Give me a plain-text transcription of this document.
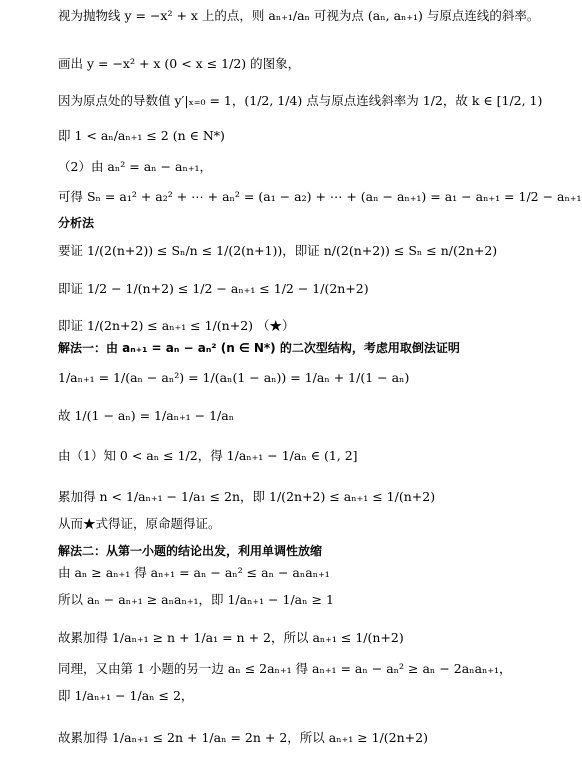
视为抛物线 y = −x² + x 上的点，则 aₙ₊₁/aₙ 可视为点 (aₙ, aₙ₊₁) 与原点连线的斜率。
画出 y = −x² + x (0 < x ≤ 1/2) 的图象，
因为原点处的导数值 y′|ₓ₌₀ = 1，(1/2, 1/4) 点与原点连线斜率为 1/2，故 k ∈ [1/2, 1)
即 1 < aₙ/aₙ₊₁ ≤ 2 (n ∈ N*)
（2）由 aₙ² = aₙ − aₙ₊₁，
可得 Sₙ = a₁² + a₂² + ⋯ + aₙ² = (a₁ − a₂) + ⋯ + (aₙ − aₙ₊₁) = a₁ − aₙ₊₁ = 1/2 − aₙ₊₁
分析法
要证 1/(2(n+2)) ≤ Sₙ/n ≤ 1/(2(n+1))，即证 n/(2(n+2)) ≤ Sₙ ≤ n/(2n+2)
即证 1/2 − 1/(n+2) ≤ 1/2 − aₙ₊₁ ≤ 1/2 − 1/(2n+2)
即证 1/(2n+2) ≤ aₙ₊₁ ≤ 1/(n+2) （★）
解法一：由 aₙ₊₁ = aₙ − aₙ² (n ∈ N*) 的二次型结构，考虑用取倒法证明
1/aₙ₊₁ = 1/(aₙ − aₙ²) = 1/(aₙ(1 − aₙ)) = 1/aₙ + 1/(1 − aₙ)
故 1/(1 − aₙ) = 1/aₙ₊₁ − 1/aₙ
由（1）知 0 < aₙ ≤ 1/2，得 1/aₙ₊₁ − 1/aₙ ∈ (1, 2]
累加得 n < 1/aₙ₊₁ − 1/a₁ ≤ 2n，即 1/(2n+2) ≤ aₙ₊₁ ≤ 1/(n+2)
从而★式得证，原命题得证。
解法二：从第一小题的结论出发，利用单调性放缩
由 aₙ ≥ aₙ₊₁ 得 aₙ₊₁ = aₙ − aₙ² ≤ aₙ − aₙaₙ₊₁
所以 aₙ − aₙ₊₁ ≥ aₙaₙ₊₁，即 1/aₙ₊₁ − 1/aₙ ≥ 1
故累加得 1/aₙ₊₁ ≥ n + 1/a₁ = n + 2，所以 aₙ₊₁ ≤ 1/(n+2)
同理，又由第 1 小题的另一边 aₙ ≤ 2aₙ₊₁ 得 aₙ₊₁ = aₙ − aₙ² ≥ aₙ − 2aₙaₙ₊₁，
即 1/aₙ₊₁ − 1/aₙ ≤ 2，
故累加得 1/aₙ₊₁ ≤ 2n + 1/aₙ = 2n + 2，所以 aₙ₊₁ ≥ 1/(2n+2)
